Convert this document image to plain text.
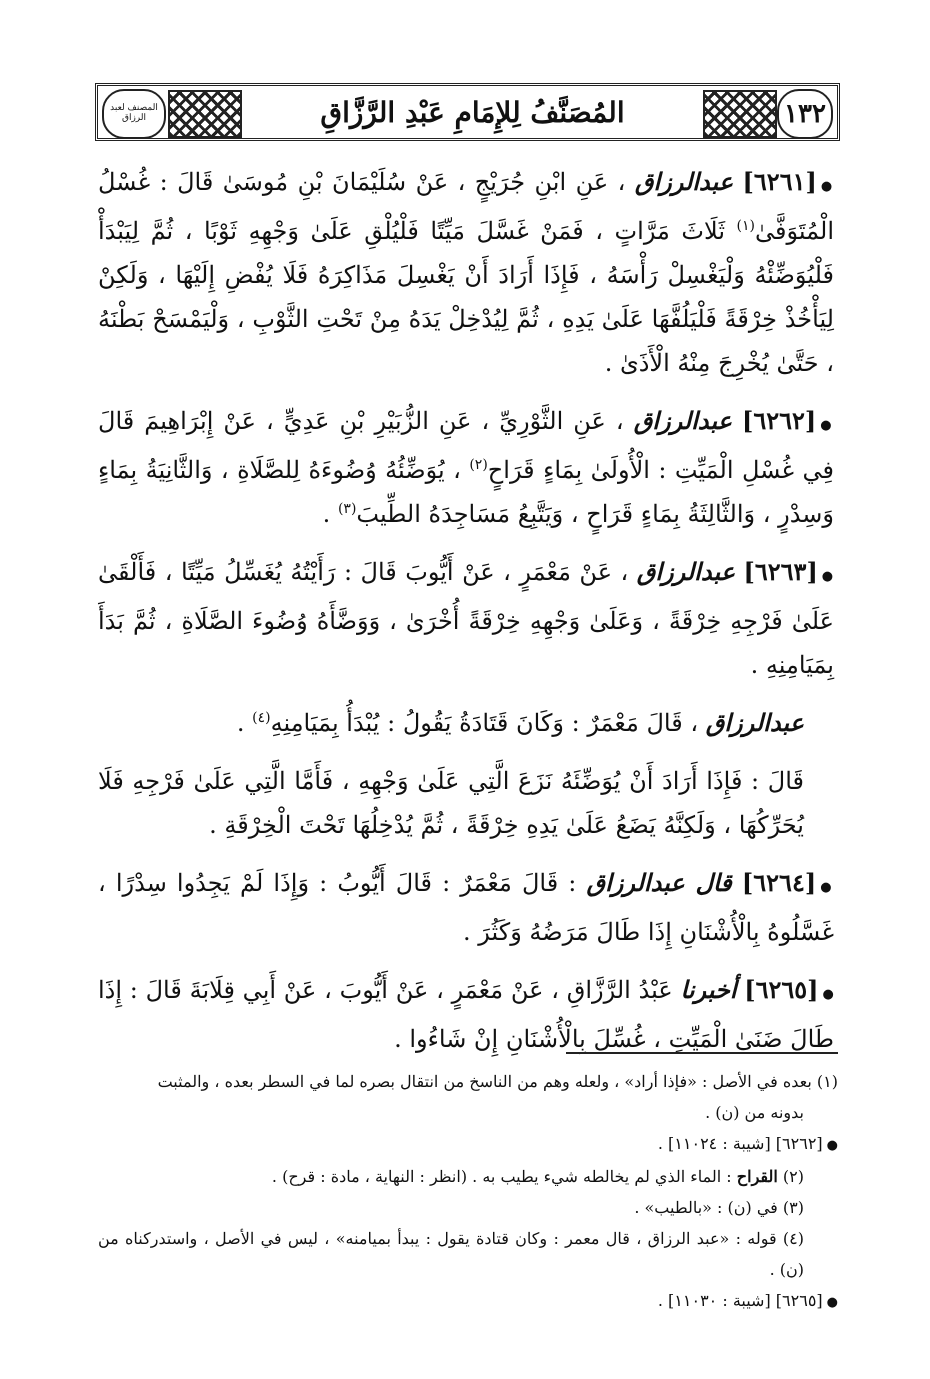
المصنف لعبد الرزاق	المُصَنَّفُ لِلإِمَامِ عَبْدِ الرَّزَّاقِ	١٣٢

●[٦٢٦١] عبدالرزاق ، عَنِ ابْنِ جُرَيْجٍ ، عَنْ سُلَيْمَانَ بْنِ مُوسَىٰ قَالَ : غُسْلُ الْمُتَوَفَّىٰ$^{(١)}$ ثَلَاثَ مَرَّاتٍ ، فَمَنْ غَسَّلَ مَيِّتًا فَلْيُلْقِ عَلَىٰ وَجْهِهِ ثَوْبًا ، ثُمَّ لِيَبْدَأْ فَلْيُوَضِّئْهُ وَلْيَغْسِلْ رَأْسَهُ ، فَإِذَا أَرَادَ أَنْ يَغْسِلَ مَذَاكِرَهُ فَلَا يُفْضِ إِلَيْهَا ، وَلَكِنْ لِيَأْخُذْ خِرْقَةً فَلْيَلُفَّهَا عَلَىٰ يَدِهِ ، ثُمَّ لِيُدْخِلْ يَدَهُ مِنْ تَحْتِ الثَّوْبِ ، وَلْيَمْسَحْ بَطْنَهُ ، حَتَّىٰ يُخْرِجَ مِنْهُ الْأَذَىٰ .

●[٦٢٦٢] عبدالرزاق ، عَنِ الثَّوْرِيِّ ، عَنِ الزُّبَيْرِ بْنِ عَدِيٍّ ، عَنْ إِبْرَاهِيمَ قَالَ فِي غُسْلِ الْمَيِّتِ : الْأُولَىٰ بِمَاءٍ قَرَاحٍ$^{(٢)}$ ، يُوَضِّئُهُ وُضُوءَهُ لِلصَّلَاةِ ، وَالثَّانِيَةُ بِمَاءٍ وَسِدْرٍ ، وَالثَّالِثَةُ بِمَاءٍ قَرَاحٍ ، وَيَتَّبِعُ مَسَاجِدَهُ الطِّيبَ$^{(٣)}$ .

●[٦٢٦٣] عبدالرزاق ، عَنْ مَعْمَرٍ ، عَنْ أَيُّوبَ قَالَ : رَأَيْتُهُ يُغَسِّلُ مَيِّتًا ، فَأَلْقَىٰ عَلَىٰ فَرْجِهِ خِرْقَةً ، وَعَلَىٰ وَجْهِهِ خِرْقَةً أُخْرَىٰ ، وَوَضَّأَهُ وُضُوءَ الصَّلَاةِ ، ثُمَّ بَدَأَ بِمَيَامِنِهِ .

عبدالرزاق ، قَالَ مَعْمَرٌ : وَكَانَ قَتَادَةُ يَقُولُ : يُبْدَأُ بِمَيَامِنِهِ$^{(٤)}$ .

قَالَ : فَإِذَا أَرَادَ أَنْ يُوَضِّئَهُ نَزَعَ الَّتِي عَلَىٰ وَجْهِهِ ، فَأَمَّا الَّتِي عَلَىٰ فَرْجِهِ فَلَا يُحَرِّكُهَا ، وَلَكِنَّهُ يَضَعُ عَلَىٰ يَدِهِ خِرْقَةً ، ثُمَّ يُدْخِلُهَا تَحْتَ الْخِرْقَةِ .

●[٦٢٦٤] قال عبدالرزاق : قَالَ مَعْمَرٌ : قَالَ أَيُّوبُ : وَإِذَا لَمْ يَجِدُوا سِدْرًا ، غَسَّلُوهُ بِالْأُشْنَانِ إِذَا طَالَ مَرَضُهُ وَكَثُرَ .

●[٦٢٦٥] أخبرنا عَبْدُ الرَّزَّاقِ ، عَنْ مَعْمَرٍ ، عَنْ أَيُّوبَ ، عَنْ أَبِي قِلَابَةَ قَالَ : إِذَا طَالَ ضَنَىٰ الْمَيِّتِ ، غُسِّلَ بِالْأُشْنَانِ إِنْ شَاءُوا .

(١) بعده في الأصل : «فإذا أراد» ، ولعله وهم من الناسخ من انتقال بصره لما في السطر بعده ، والمثبت

بدونه من (ن) .

●[٦٢٦٢] [شيبة : ١١٠٢٤] .

(٢) القراح : الماء الذي لم يخالطه شيء يطيب به . (انظر : النهاية ، مادة : قرح) .

(٣) في (ن) : «بالطيب» .

(٤) قوله : «عبد الرزاق ، قال معمر : وكان قتادة يقول : يبدأ بميامنه» ، ليس في الأصل ، واستدركناه من (ن) .

●[٦٢٦٥] [شيبة : ١١٠٣٠] .
